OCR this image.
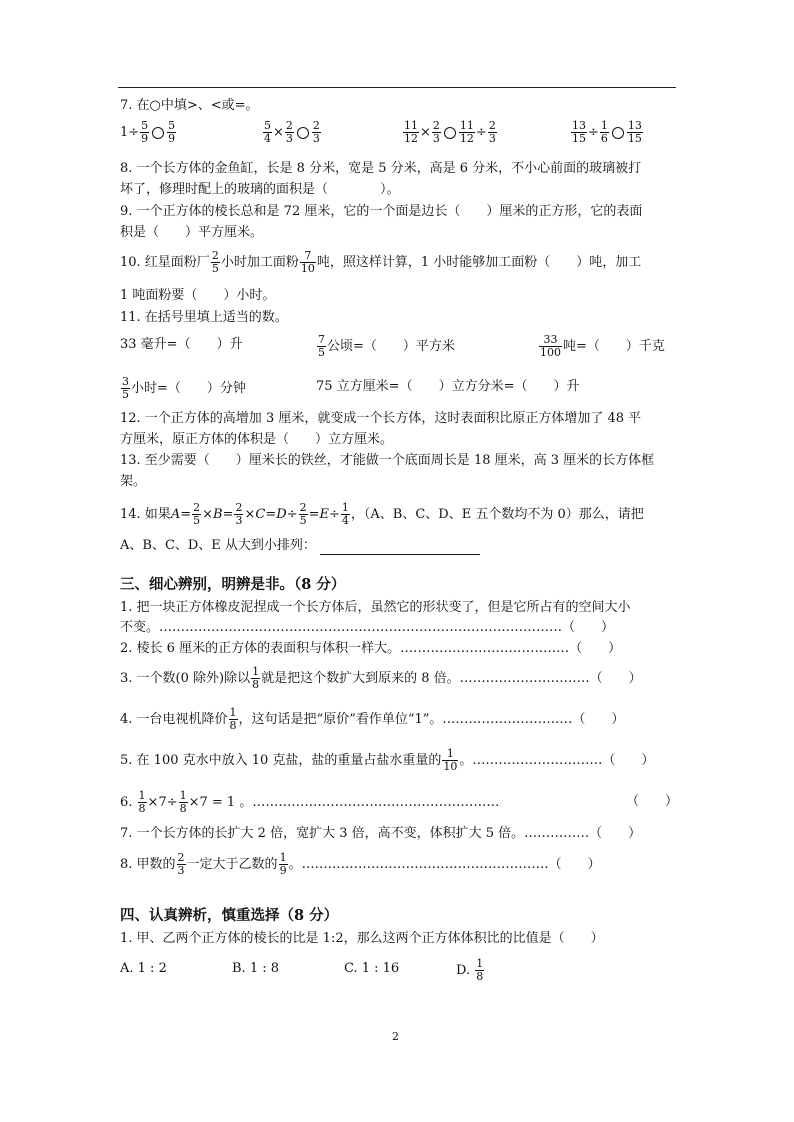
7. 在○中填>、<或=。
$1\div \frac{5}{9} \frac{5}{9}$	$\frac{5}{4} \times \frac{2}{3} \frac{2}{3}$	$\frac{11}{12} \times \frac{2}{3} \frac{11}{12} \div \frac{2}{3}$	$\frac{13}{15} \div \frac{1}{6} \frac{13}{15}$
8. 一个长方体的金鱼缸，长是 8 分米，宽是 5 分米，高是 6 分米，不小心前面的玻璃被打
坏了，修理时配上的玻璃的面积是（　　　　）。
9. 一个正方体的棱长总和是 72 厘米，它的一个面是边长（　　）厘米的正方形，它的表面
积是（　　）平方厘米。
10. 红星面粉厂 $\frac{2}{5}$ 小时加工面粉 $\frac{7}{10}$ 吨，照这样计算，1 小时能够加工面粉（　　）吨，加工
1 吨面粉要（　　）小时。
11. 在括号里填上适当的数。
33 毫升=（　　）升	$\frac{7}{5}$ 公顷=（　　）平方米	$\frac{33}{100}$ 吨=（　　）千克
$\frac{3}{5}$ 小时=（　　）分钟	75 立方厘米=（　　）立方分米=（　　）升
12. 一个正方体的高增加 3 厘米，就变成一个长方体，这时表面积比原正方体增加了 48 平
方厘米，原正方体的体积是（　　）立方厘米。
13. 至少需要（　　）厘米长的铁丝，才能做一个底面周长是 18 厘米，高 3 厘米的长方体框
架。
14. 如果$A= \frac{2}{5} \times B= \frac{2}{3} \times C=D\div \frac{2}{5} =E\div \frac{1}{4}$ ，（A、B、C、D、E 五个数均不为 0）那么，请把
A、B、C、D、E 从大到小排列：
三、细心辨别，明辨是非。（8 分）
1. 把一块正方体橡皮泥捏成一个长方体后，虽然它的形状变了，但是它所占有的空间大小
不变。…………………………………………………………………………………（　　）
2. 棱长 6 厘米的正方体的表面积与体积一样大。…………………………………（　　）
3. 一个数(0 除外)除以 $\frac{1}{8}$ 就是把这个数扩大到原来的 8 倍。…………………………（　　）
4. 一台电视机降价 $\frac{1}{8}$ ，这句话是把“原价”看作单位“1”。…………………………（　　）
5. 在 100 克水中放入 10 克盐，盐的重量占盐水重量的 $\frac{1}{10}$ 。…………………………（　　）
6. $\frac{1}{8} \times 7\div \frac{1}{8} \times 7 = 1$ 。…………………………………………………	（　　）
7. 一个长方体的长扩大 2 倍，宽扩大 3 倍，高不变，体积扩大 5 倍。……………（　　）
8. 甲数的 $\frac{2}{3}$ 一定大于乙数的 $\frac{1}{9}$ 。…………………………………………………（　　）
四、认真辨析，慎重选择（8 分）
1. 甲、乙两个正方体的棱长的比是 1:2，那么这两个正方体体积比的比值是（　　）
A. 1 : 2	B. 1 : 8	C. 1 : 16	D. $\frac{1}{8}$
2
